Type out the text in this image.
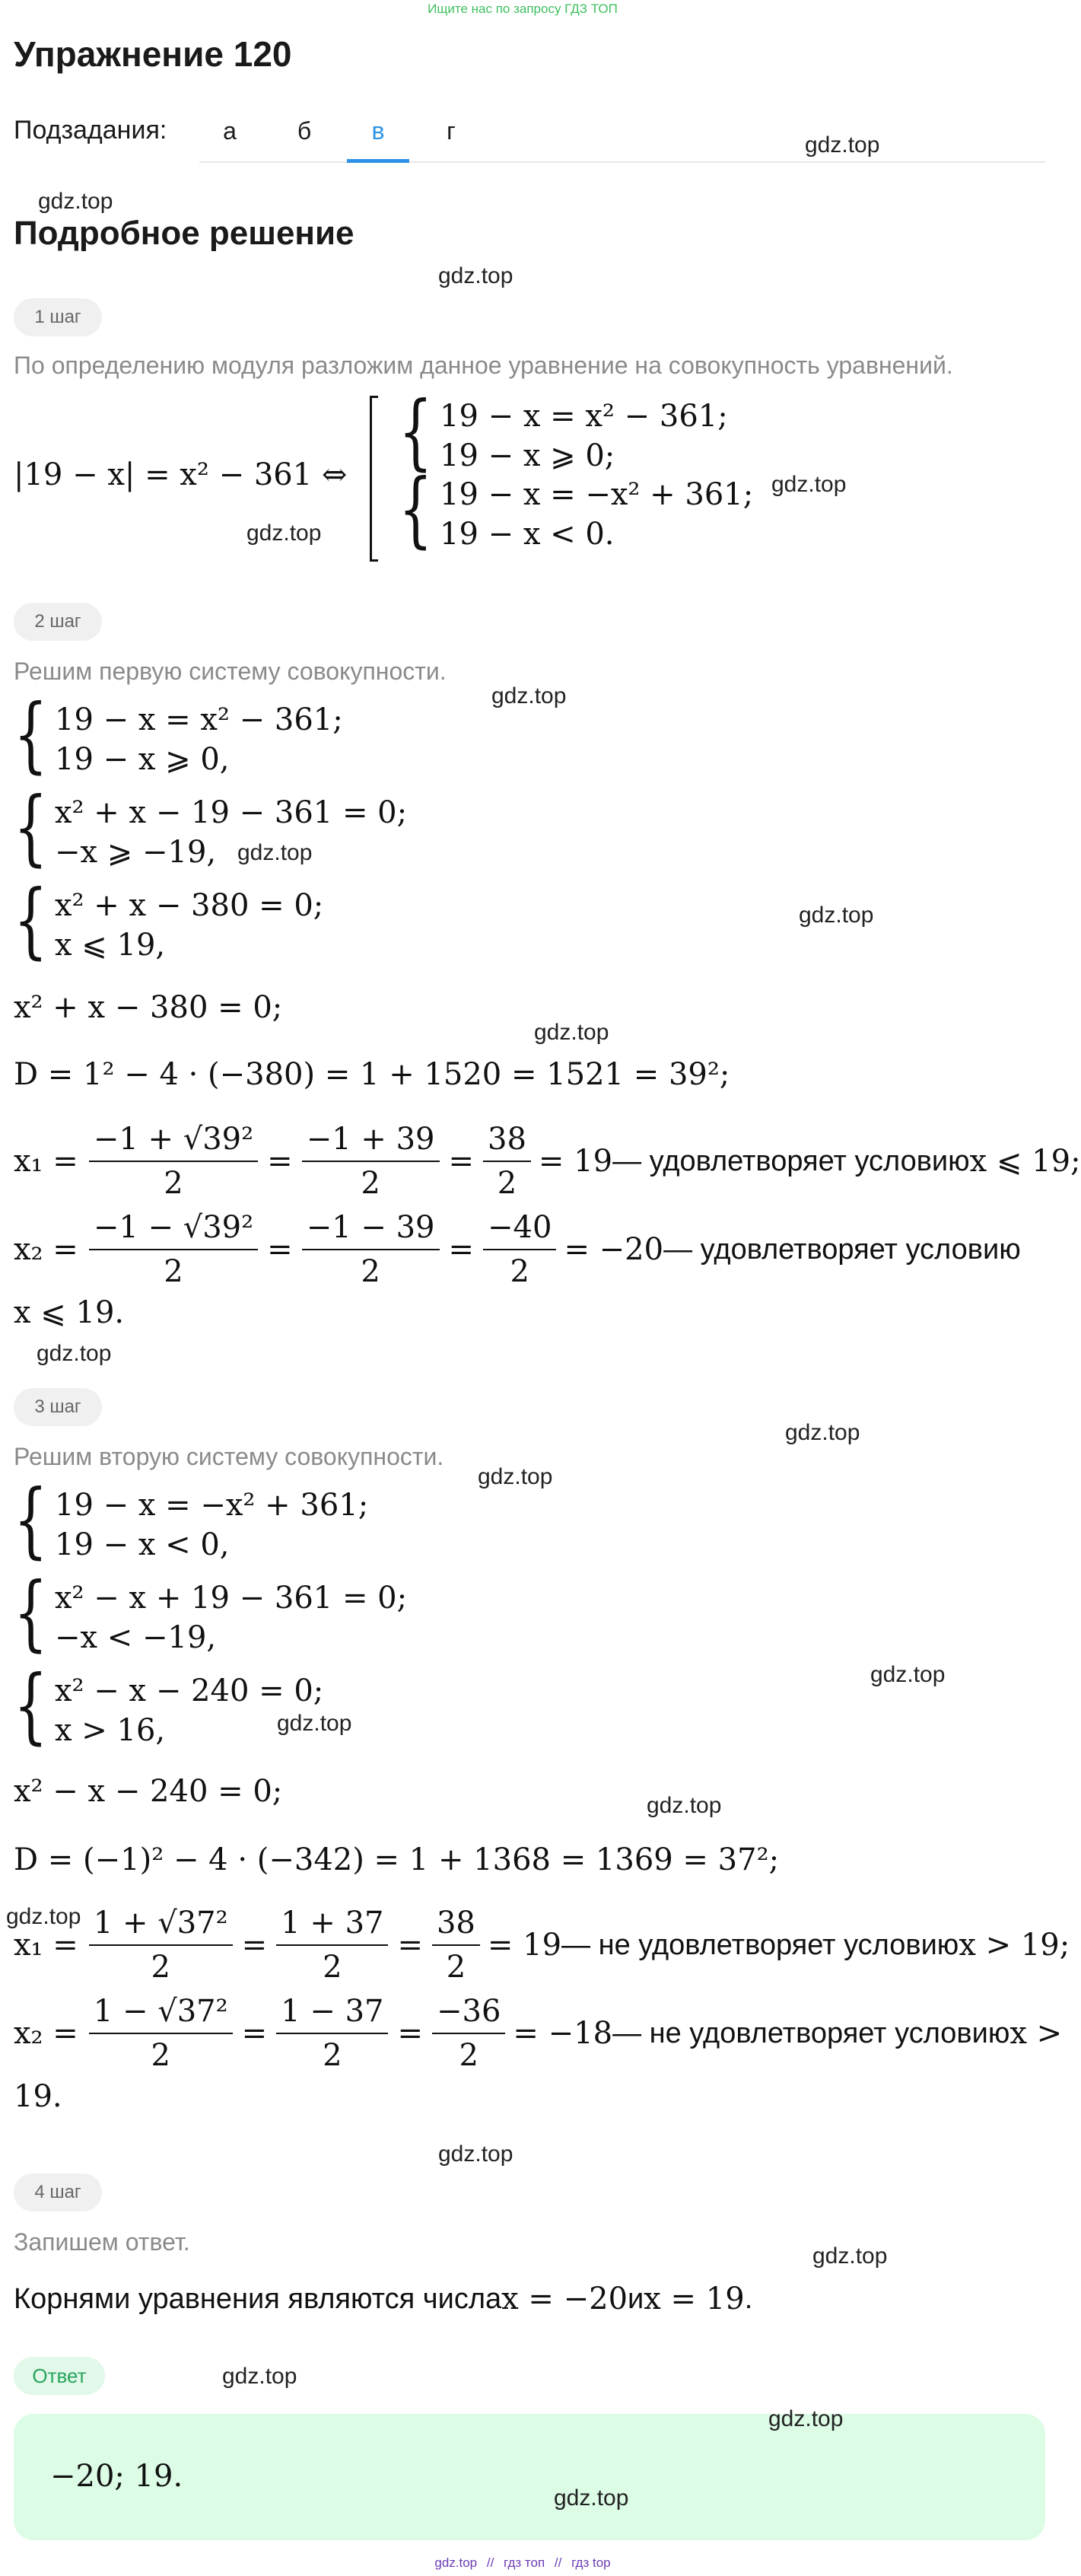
Ищите нас по запросу ГДЗ ТОП
Упражнение 120
Подзадания:	а	б	в	г
gdz.top
gdz.top
Подробное решение
gdz.top
1 шаг
По определению модуля разложим данное уравнение на совокупность уравнений.
|19 − x| = x² − 361 ⇔ {
{
19 − x = x² − 361;
19 − x ⩾ 0;
19 − x = −x² + 361;
19 − x < 0.
gdz.top
gdz.top
2 шаг
Решим первую систему совокупности.
gdz.top
{ 19 − x = x² − 361;
19 − x ⩾ 0,
{ x² + x − 19 − 361 = 0;
−x ⩾ −19, gdz.top
{ x² + x − 380 = 0;
x ⩽ 19,
gdz.top
x² + x − 380 = 0;
gdz.top
D = 1² − 4 · (−380) = 1 + 1520 = 1521 = 39²;
$x_1 = \frac{\text{−1 + √39²}}{2} = \frac{-1 + 39}{2} = \frac{38}{2} = 19$ — удовлетворяет условию x ⩽ 19;
$x_2 = \frac{\text{−1 − √39²}}{2} = \frac{-1 - 39}{2} = \frac{-40}{2} = -20$ — удовлетворяет условию
x ⩽ 19.
gdz.top
3 шаг
gdz.top
Решим вторую систему совокупности.
gdz.top
{ 19 − x = −x² + 361;
19 − x < 0,
{ x² − x + 19 − 361 = 0;
−x < −19,
gdz.top
{ x² − x − 240 = 0;
x > 16,	gdz.top
x² − x − 240 = 0;	gdz.top
D = (−1)² − 4 · (−342) = 1 + 1368 = 1369 = 37²;
gdz.top
$x_1 = \frac{\text{1 + √37²}}{2} = \frac{1 + 37}{2} = \frac{38}{2} = 19$ — не удовлетворяет условию x > 19;
$x_2 = \frac{\text{1 − √37²}}{2} = \frac{1 - 37}{2} = \frac{-36}{2} = -18$ — не удовлетворяет условию x >
19.
gdz.top
4 шаг
Запишем ответ.
gdz.top
Корнями уравнения являются числа x = −20 и x = 19 .
Ответ	gdz.top
gdz.top
−20; 19.
gdz.top
gdz.top // гдз топ // гдз top
